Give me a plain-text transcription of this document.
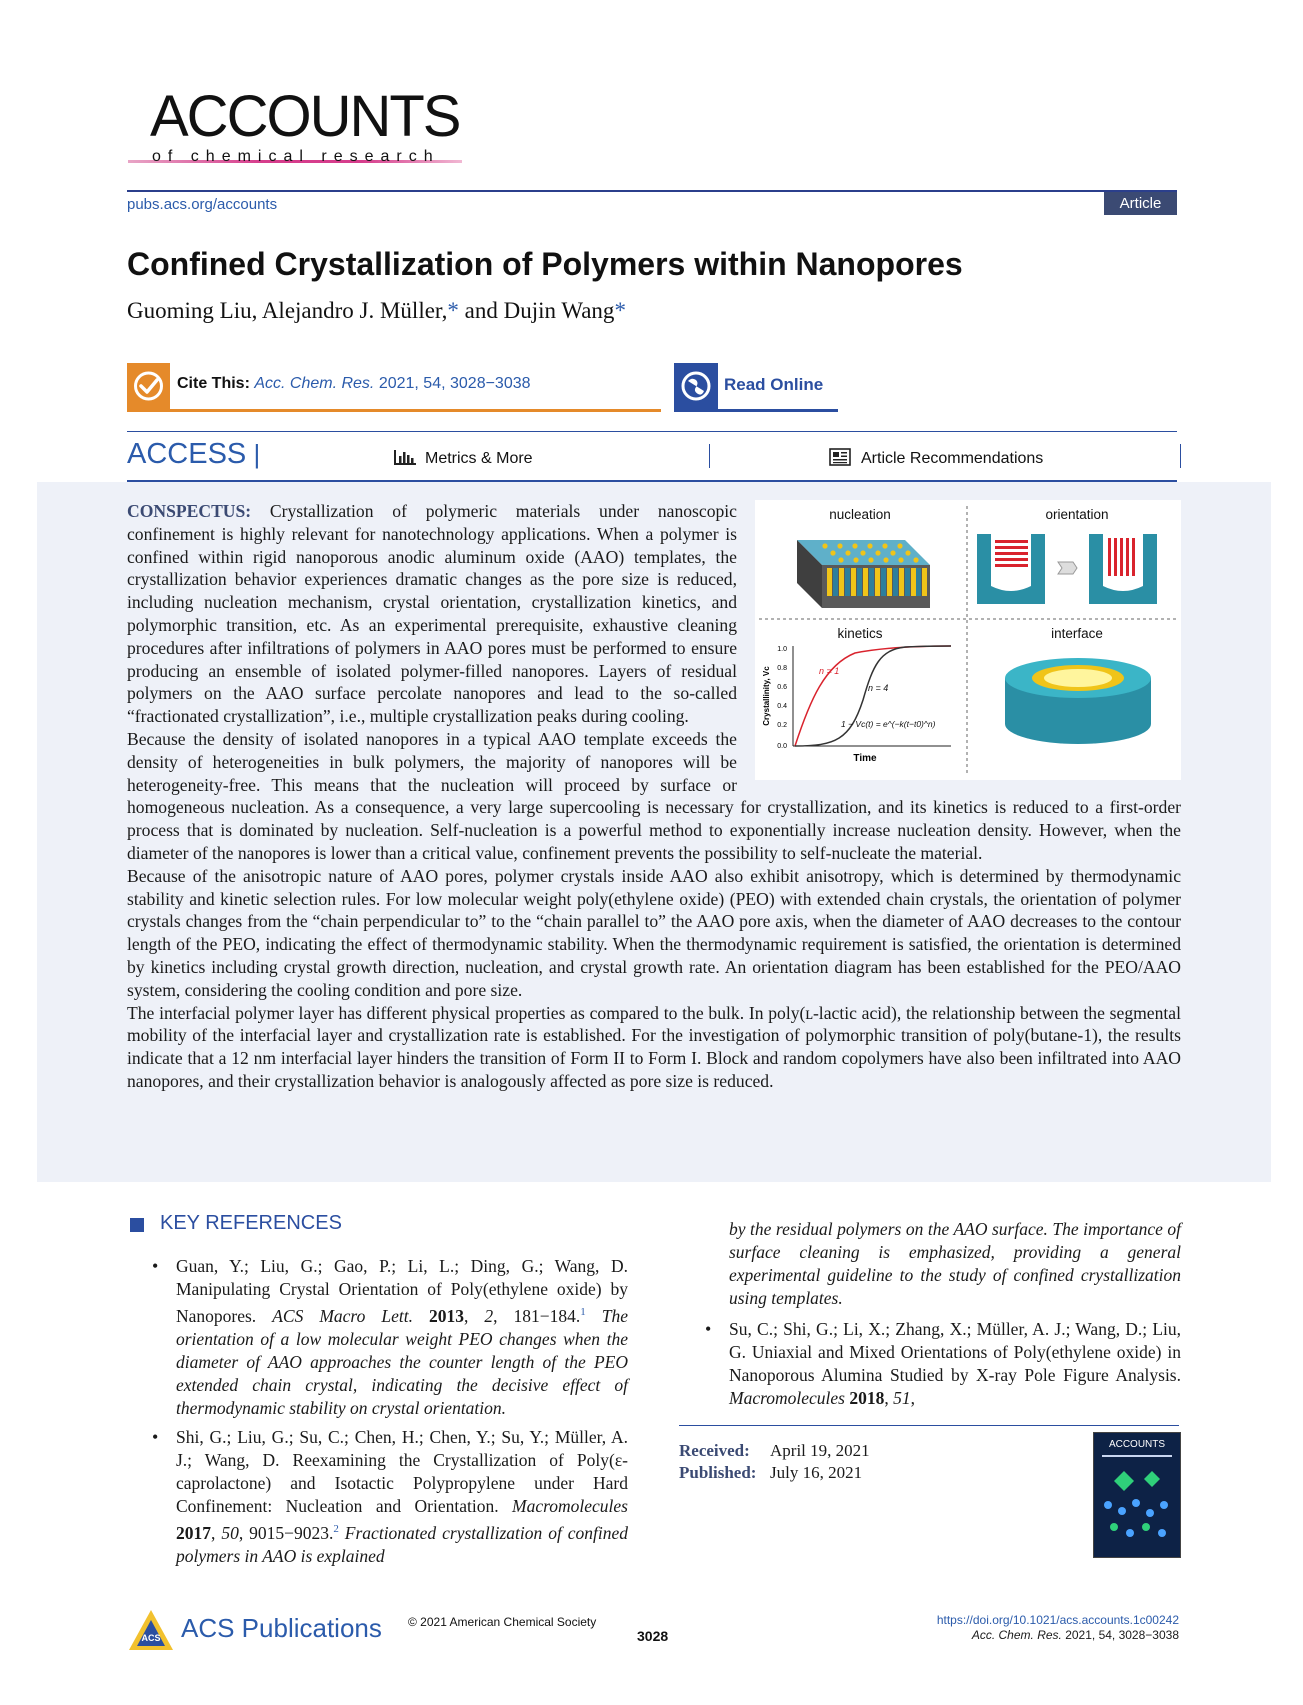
ACCOUNTS
of chemical research
pubs.acs.org/accounts	Article
Confined Crystallization of Polymers within Nanopores
Guoming Liu, Alejandro J. Müller,* and Dujin Wang*
Cite This: Acc. Chem. Res. 2021, 54, 3028−3038	Read Online
ACCESS |	Metrics & More	Article Recommendations
nucleation	orientation
kinetics	interface
1.0
0.8
0.6
0.4
0.2
0.0
Time
Crystallinity, Vc	n = 1
n = 4
1 − Vc(t) = e^(−k(t−t0)^n)

CONSPECTUS: Crystallization of polymeric materials under nanoscopic confinement is highly relevant for nanotechnology applications. When a polymer is confined within rigid nanoporous anodic aluminum oxide (AAO) templates, the crystallization behavior experiences dramatic changes as the pore size is reduced, including nucleation mechanism, crystal orientation, crystallization kinetics, and polymorphic transition, etc. As an experimental prerequisite, exhaustive cleaning procedures after infiltrations of polymers in AAO pores must be performed to ensure producing an ensemble of isolated polymer-filled nanopores. Layers of residual polymers on the AAO surface percolate nanopores and lead to the so-called “fractionated crystallization”, i.e., multiple crystallization peaks during cooling.

Because the density of isolated nanopores in a typical AAO template exceeds the density of heterogeneities in bulk polymers, the majority of nanopores will be heterogeneity-free. This means that the nucleation will proceed by surface or homogeneous nucleation. As a consequence, a very large supercooling is necessary for crystallization, and its kinetics is reduced to a first-order process that is dominated by nucleation. Self-nucleation is a powerful method to exponentially increase nucleation density. However, when the diameter of the nanopores is lower than a critical value, confinement prevents the possibility to self-nucleate the material.

Because of the anisotropic nature of AAO pores, polymer crystals inside AAO also exhibit anisotropy, which is determined by thermodynamic stability and kinetic selection rules. For low molecular weight poly(ethylene oxide) (PEO) with extended chain crystals, the orientation of polymer crystals changes from the “chain perpendicular to” to the “chain parallel to” the AAO pore axis, when the diameter of AAO decreases to the contour length of the PEO, indicating the effect of thermodynamic stability. When the thermodynamic requirement is satisfied, the orientation is determined by kinetics including crystal growth direction, nucleation, and crystal growth rate. An orientation diagram has been established for the PEO/AAO system, considering the cooling condition and pore size.

The interfacial polymer layer has different physical properties as compared to the bulk. In poly(ʟ-lactic acid), the relationship between the segmental mobility of the interfacial layer and crystallization rate is established. For the investigation of polymorphic transition of poly(butane-1), the results indicate that a 12 nm interfacial layer hinders the transition of Form II to Form I. Block and random copolymers have also been infiltrated into AAO nanopores, and their crystallization behavior is analogously affected as pore size is reduced.

KEY REFERENCES
• Guan, Y.; Liu, G.; Gao, P.; Li, L.; Ding, G.; Wang, D. Manipulating Crystal Orientation of Poly(ethylene oxide) by Nanopores. ACS Macro Lett. 2013, 2, 181−184.$^1$ The orientation of a low molecular weight PEO changes when the diameter of AAO approaches the counter length of the PEO extended chain crystal, indicating the decisive effect of thermodynamic stability on crystal orientation.
• Shi, G.; Liu, G.; Su, C.; Chen, H.; Chen, Y.; Su, Y.; Müller, A. J.; Wang, D. Reexamining the Crystallization of Poly(ε-caprolactone) and Isotactic Polypropylene under Hard Confinement: Nucleation and Orientation. Macromolecules 2017, 50, 9015−9023.$^2$ Fractionated crystallization of confined polymers in AAO is explained
by the residual polymers on the AAO surface. The importance of surface cleaning is emphasized, providing a general experimental guideline to the study of confined crystallization using templates.
• Su, C.; Shi, G.; Li, X.; Zhang, X.; Müller, A. J.; Wang, D.; Liu, G. Uniaxial and Mixed Orientations of Poly(ethylene oxide) in Nanoporous Alumina Studied by X-ray Pole Figure Analysis. Macromolecules 2018, 51,
Received: April 19, 2021
Published: July 16, 2021
ACCOUNTS
ACS ACS Publications © 2021 American Chemical Society
3028
https://doi.org/10.1021/acs.accounts.1c00242
Acc. Chem. Res. 2021, 54, 3028−3038
